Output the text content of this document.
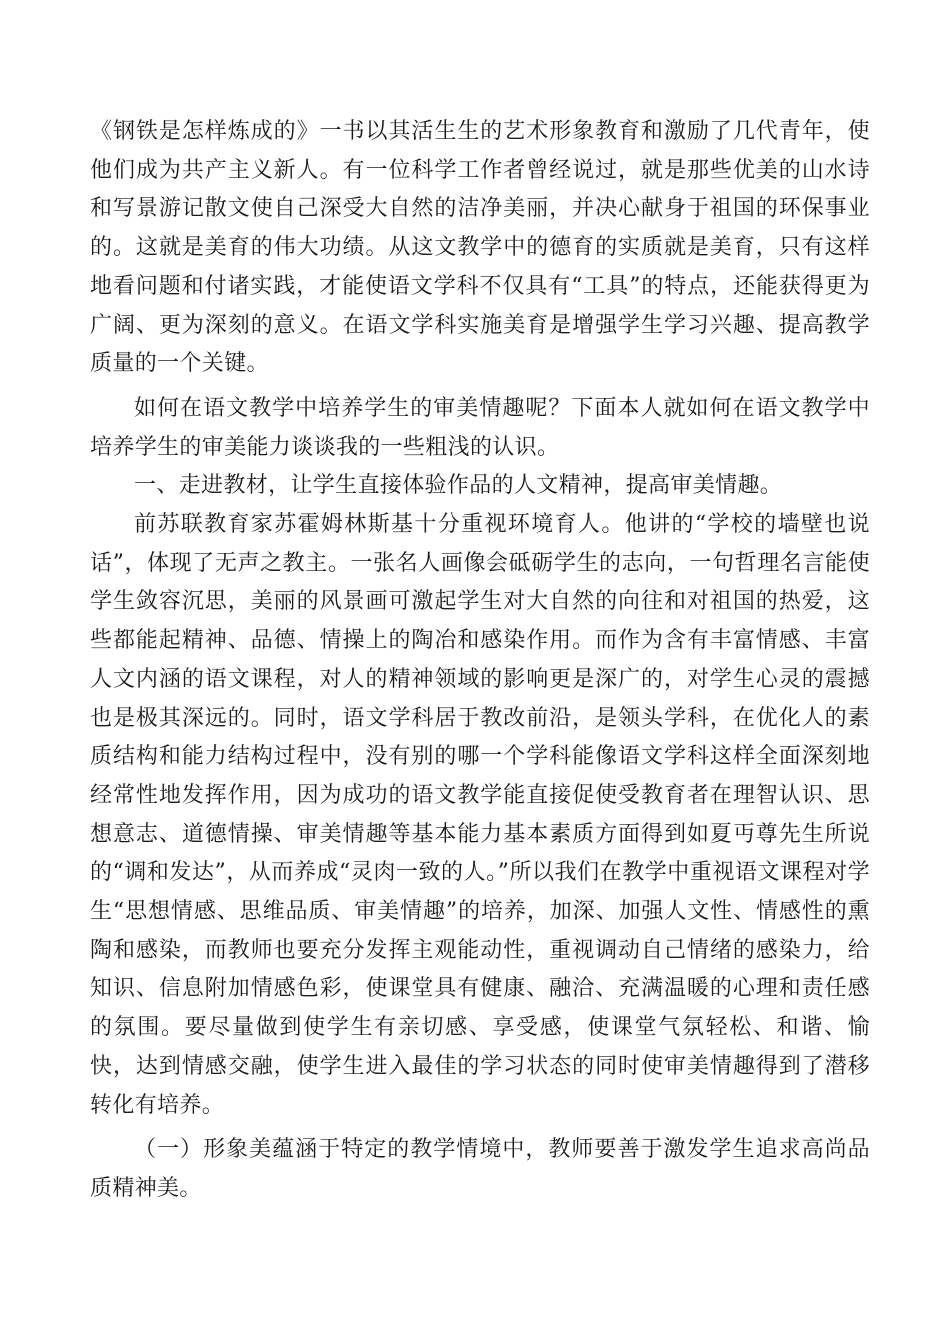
《钢铁是怎样炼成的》一书以其活生生的艺术形象教育和激励了几代青年，使他们成为共产主义新人。有一位科学工作者曾经说过，就是那些优美的山水诗和写景游记散文使自己深受大自然的洁净美丽，并决心献身于祖国的环保事业的。这就是美育的伟大功绩。从这文教学中的德育的实质就是美育，只有这样地看问题和付诸实践，才能使语文学科不仅具有“工具”的特点，还能获得更为广阔、更为深刻的意义。在语文学科实施美育是增强学生学习兴趣、提高教学质量的一个关键。

如何在语文教学中培养学生的审美情趣呢？下面本人就如何在语文教学中培养学生的审美能力谈谈我的一些粗浅的认识。

一、走进教材，让学生直接体验作品的人文精神，提高审美情趣。

前苏联教育家苏霍姆林斯基十分重视环境育人。他讲的“学校的墙壁也说话”，体现了无声之教主。一张名人画像会砥砺学生的志向，一句哲理名言能使学生敛容沉思，美丽的风景画可激起学生对大自然的向往和对祖国的热爱，这些都能起精神、品德、情操上的陶冶和感染作用。而作为含有丰富情感、丰富人文内涵的语文课程，对人的精神领域的影响更是深广的，对学生心灵的震撼也是极其深远的。同时，语文学科居于教改前沿，是领头学科，在优化人的素质结构和能力结构过程中，没有别的哪一个学科能像语文学科这样全面深刻地经常性地发挥作用，因为成功的语文教学能直接促使受教育者在理智认识、思想意志、道德情操、审美情趣等基本能力基本素质方面得到如夏丏尊先生所说的“调和发达”，从而养成“灵肉一致的人。”所以我们在教学中重视语文课程对学生“思想情感、思维品质、审美情趣”的培养，加深、加强人文性、情感性的熏陶和感染，而教师也要充分发挥主观能动性，重视调动自己情绪的感染力，给知识、信息附加情感色彩，使课堂具有健康、融洽、充满温暖的心理和责任感的氛围。要尽量做到使学生有亲切感、享受感，使课堂气氛轻松、和谐、愉快，达到情感交融，使学生进入最佳的学习状态的同时使审美情趣得到了潜移转化有培养。

（一）形象美蕴涵于特定的教学情境中，教师要善于激发学生追求高尚品质精神美。
